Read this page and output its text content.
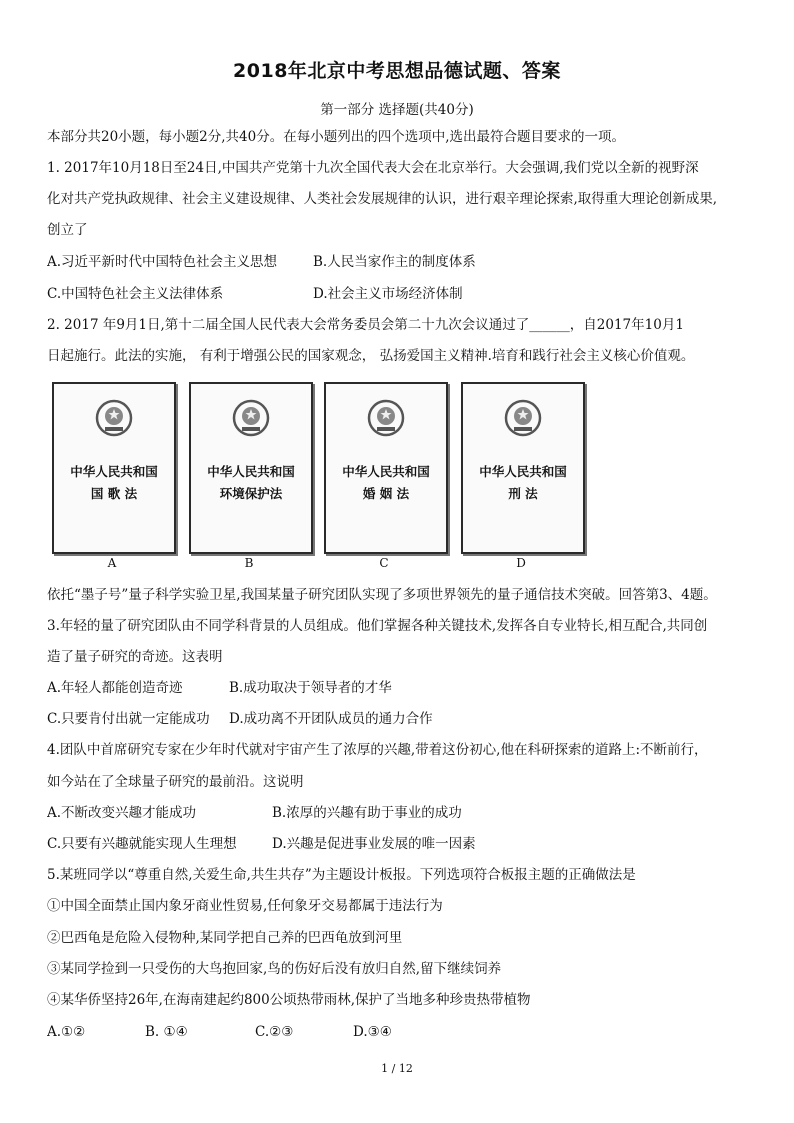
2018年北京中考思想品德试题、答案
第一部分 选择题(共40分)
本部分共20小题，每小题2分,共40分。在每小题列出的四个选项中,选出最符合题目要求的一项。
1. 2017年10月18日至24日,中国共产党第十九次全国代表大会在北京举行。大会强调,我们党以全新的视野深
化对共产党执政规律、社会主义建设规律、人类社会发展规律的认识，进行艰辛理论探索,取得重大理论创新成果,
创立了
A.习近平新时代中国特色社会主义思想	B.人民当家作主的制度体系
C.中国特色社会主义法律体系	D.社会主义市场经济体制
2. 2017 年9月1日,第十二届全国人民代表大会常务委员会第二十九次会议通过了______，自2017年10月1
日起施行。此法的实施， 有利于增强公民的国家观念， 弘扬爱国主义精神.培育和践行社会主义核心价值观。
中华人民共和国
国 歌 法
中华人民共和国
环境保护法
中华人民共和国
婚 姻 法
中华人民共和国
刑 法
A	B	C	D
依托“墨子号”量子科学实验卫星,我国某量子研究团队实现了多项世界领先的量子通信技术突破。回答第3、4题。
3.年轻的量了研究团队由不同学科背景的人员组成。他们掌握各种关键技术,发挥各自专业特长,相互配合,共同创
造了量子研究的奇迹。这表明
A.年轻人都能创造奇迹	B.成功取决于领导者的才华
C.只要肯付出就一定能成功	D.成功离不开团队成员的通力合作
4.团队中首席研究专家在少年时代就对宇宙产生了浓厚的兴趣,带着这份初心,他在科研探索的道路上:不断前行，
如今站在了全球量子研究的最前沿。这说明
A.不断改变兴趣才能成功	B.浓厚的兴趣有助于事业的成功
C.只要有兴趣就能实现人生理想	D.兴趣是促进事业发展的唯一因素
5.某班同学以“尊重自然,关爱生命,共生共存”为主题设计板报。下列选项符合板报主题的正确做法是
①中国全面禁止国内象牙商业性贸易,任何象牙交易都属于违法行为
②巴西龟是危险入侵物种,某同学把自己养的巴西龟放到河里
③某同学捡到一只受伤的大鸟抱回家,鸟的伤好后没有放归自然,留下继续饲养
④某华侨坚持26年,在海南建起约800公顷热带雨林,保护了当地多种珍贵热带植物
A.①②	B. ①④	C.②③	D.③④
1 / 12
